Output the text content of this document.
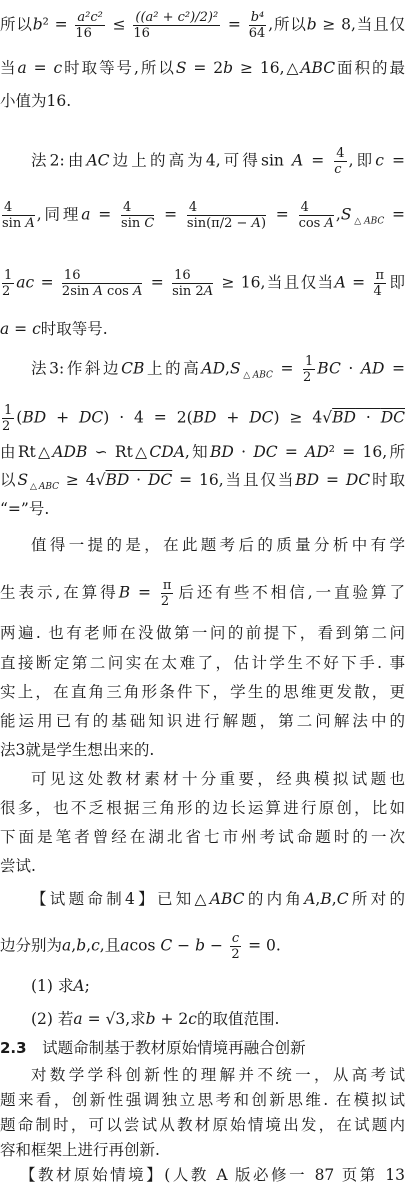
所以$b^2 = \frac{\text{a²c²}}{16} \le \frac{\text{((a² + c²)/2)²}}{16} = \frac{\text{b⁴}}{64}$ ,所以b ≥ 8,当且仅
当a = c时取等号,所以S = 2b ≥ 16,△ABC面积的最
小值为16.
法2:由AC边上的高为4,可得$\sin A = \frac{4}{c}$ ,即c =
$\frac{4}{\text{sin A}}$ ,同理$a = \frac{4}{\text{sin C}} = \frac{4}{\sin(\pi/2 - A)} = \frac{4}{\text{cos A}} ,S_{\triangle ABC}$ =
$\frac{1}{2}$ ac = $\frac{16}{\text{2sin A cos A}} = \frac{16}{\sin 2A} \ge 16$,当且仅当$A = \frac{\pi}{4}$ 即
a = c时取等号.
法3:作斜边CB上的高$AD,S_{\triangle ABC} = \frac{1}{2}$ BC · AD =
$\frac{1}{2} (BD + DC) \cdot 4 = 2(BD + DC) \ge 4√BD$ · DC
由Rt△ADB ∽ Rt△CDA,知BD · DC = AD² = 16,所
以$S_{\triangle ABC} \ge 4√BD$ · DC = 16,当且仅当BD = DC时取
“=”号.
值得一提的是，在此题考后的质量分析中有学
生表示,在算得$B = \frac{\pi}{2}$ 后还有些不相信,一直验算了
两遍. 也有老师在没做第一问的前提下，看到第二问
直接断定第二问实在太难了，估计学生不好下手. 事
实上，在直角三角形条件下，学生的思维更发散，更
能运用已有的基础知识进行解题，第二问解法中的
法3就是学生想出来的.
可见这处教材素材十分重要，经典模拟试题也
很多，也不乏根据三角形的边长运算进行原创，比如
下面是笔者曾经在湖北省七市州考试命题时的一次
尝试.
【试题命制4】已知△ABC的内角A,B,C所对的
边分别为a,b,c,且acos $C - b - \frac{c}{2} = 0$.
(1) 求A;
(2) 若a = √3,求b + 2c的取值范围.
2.3　 试题命制基于教材原始情境再融合创新
对数学学科创新性的理解并不统一，从高考试
题来看，创新性强调独立思考和创新思维. 在模拟试
题命制时，可以尝试从教材原始情境出发，在试题内
容和框架上进行再创新.
【教材原始情境】(人教 A 版必修一 87 页第 13
